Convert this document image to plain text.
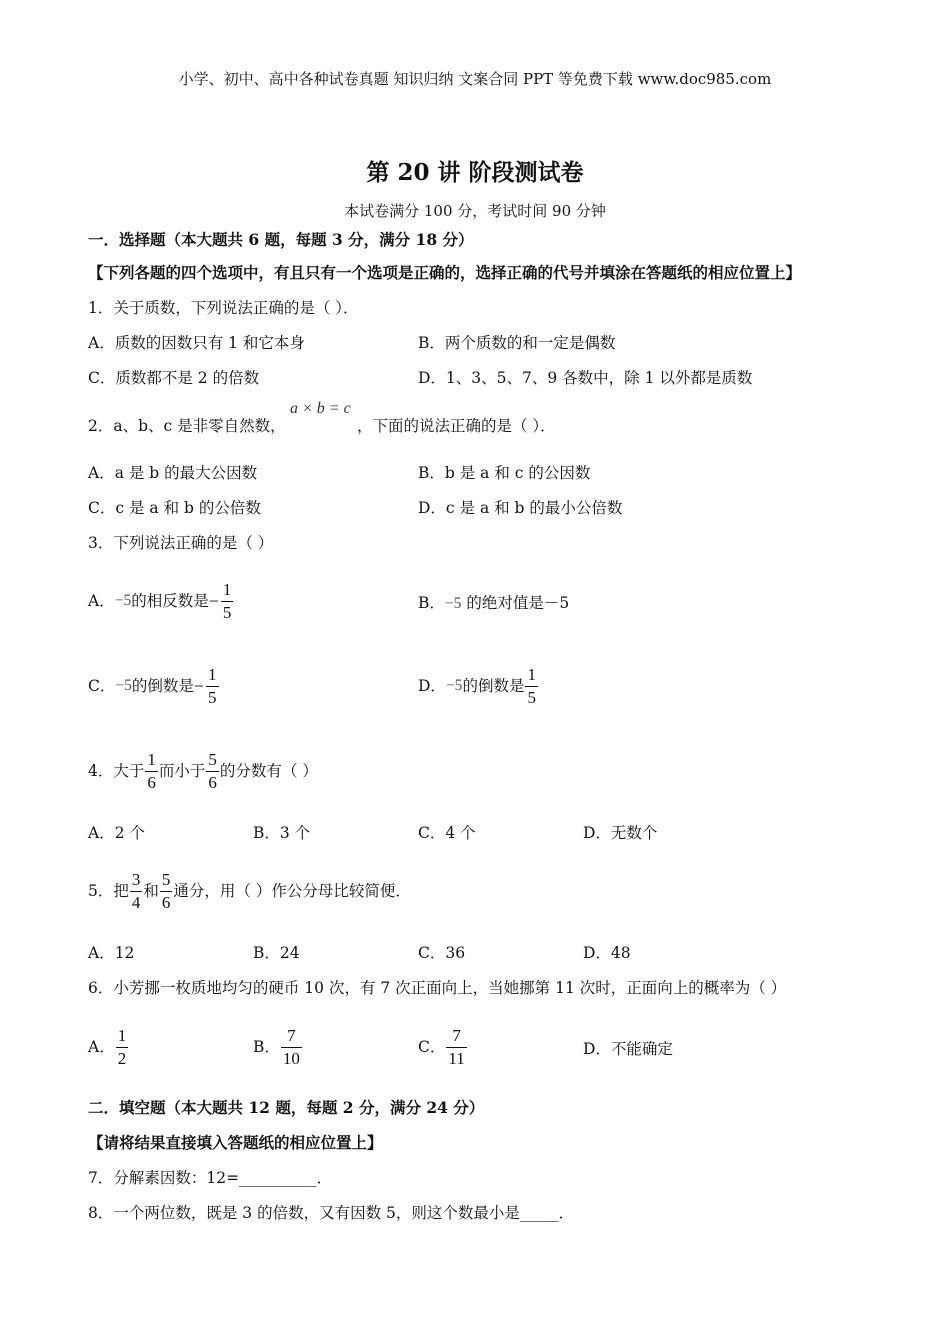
小学、初中、高中各种试卷真题 知识归纳 文案合同 PPT 等免费下载 www.doc985.com
第 20 讲 阶段测试卷
本试卷满分 100 分，考试时间 90 分钟
一．选择题（本大题共 6 题，每题 3 分，满分 18 分）
【下列各题的四个选项中，有且只有一个选项是正确的，选择正确的代号并填涂在答题纸的相应位置上】
1．关于质数，下列说法正确的是（ ）．
A．质数的因数只有 1 和它本身	B．两个质数的和一定是偶数
C．质数都不是 2 的倍数	D．1、3、5、7、9 各数中，除 1 以外都是质数
2．a、b、c 是非零自然数，
a × b = c
，下面的说法正确的是（ ）．
A．a 是 b 的最大公因数	B．b 是 a 和 c 的公因数
C．c 是 a 和 b 的公倍数	D．c 是 a 和 b 的最小公倍数
3．下列说法正确的是（ ）
A． −5 的相反数是 − $\frac{1}{5}$	B．−5 的绝对值是－5
C． −5 的倒数是 − $\frac{1}{5}$	D． −5 的倒数是 $\frac{1}{5}$
4．大于 $\frac{1}{6}$ 而小于 $\frac{5}{6}$ 的分数有（ ）
A．2 个	B．3 个	C．4 个	D．无数个
5．把 $\frac{3}{4}$ 和 $\frac{5}{6}$ 通分，用（ ）作公分母比较简便．
A．12	B．24	C．36	D．48
6．小芳挪一枚质地均匀的硬币 10 次，有 7 次正面向上，当她挪第 11 次时，正面向上的概率为（ ）
A． $\frac{1}{2}$	B． $\frac{7}{10}$	C． $\frac{7}{11}$	D．不能确定
二．填空题（本大题共 12 题，每题 2 分，满分 24 分）
【请将结果直接填入答题纸的相应位置上】
7．分解素因数：12=__________．
8．一个两位数，既是 3 的倍数，又有因数 5，则这个数最小是_____．
